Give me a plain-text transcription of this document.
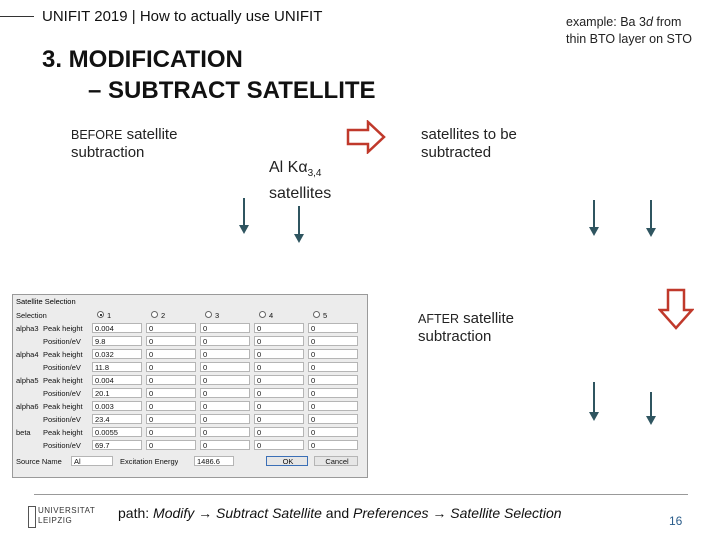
UNIFIT 2019 | How to actually use UNIFIT	example: Ba 3d from
thin BTO layer on STO
3. MODIFICATION
– SUBTRACT SATELLITE
BEFORE satellite
subtraction
Al $K\alpha_{3,4}$
satellites
satellites to be
subtracted
AFTER satellite
subtraction
Satellite Selection
Selection	1	2	3	4	5
alpha3 Peak height	0.004	0	0	0	0
Position/eV	9.8	0	0	0	0
alpha4 Peak height	0.032	0	0	0	0
Position/eV	11.8	0	0	0	0
alpha5 Peak height	0.004	0	0	0	0
Position/eV	20.1	0	0	0	0
alpha6 Peak height	0.003	0	0	0	0
Position/eV	23.4	0	0	0	0
beta	Peak height	0.0055	0	0	0	0
Position/eV	69.7	0	0	0	0
Source Name	Al	Excitation Energy	1486.6	OK	Cancel
UNIVERSITAT
LEIPZIG	path: Modify → Subtract Satellite and Preferences → Satellite Selection	16
